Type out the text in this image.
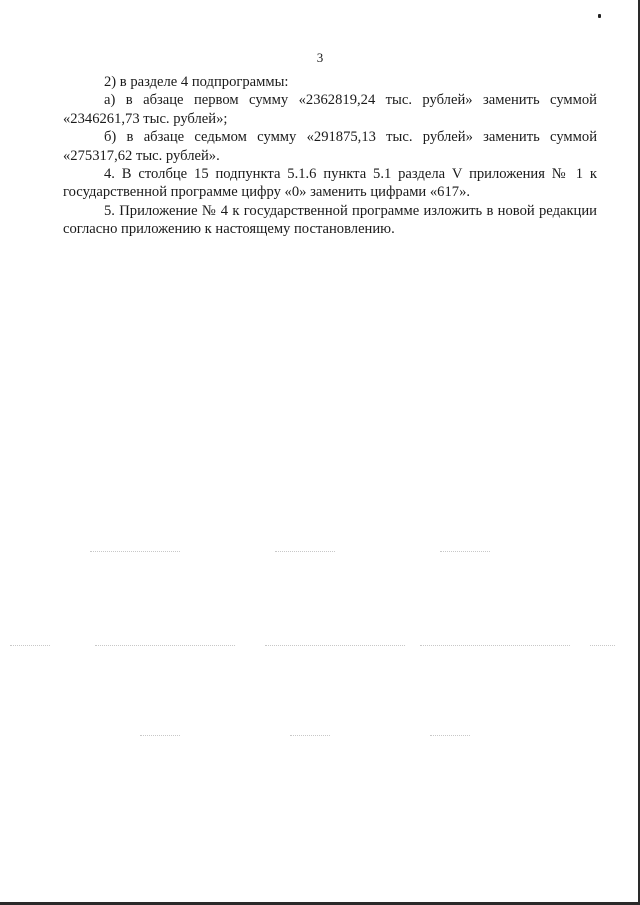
3

2) в разделе 4 подпрограммы:

а) в абзаце первом сумму «2362819,24 тыс. рублей» заменить суммой «2346261,73 тыс. рублей»;

б) в абзаце седьмом сумму «291875,13 тыс. рублей» заменить суммой «275317,62 тыс. рублей».

4. В столбце 15 подпункта 5.1.6 пункта 5.1 раздела V приложения № 1 к государственной программе цифру «0» заменить цифрами «617».

5. Приложение № 4 к государственной программе изложить в новой редакции согласно приложению к настоящему постановлению.
